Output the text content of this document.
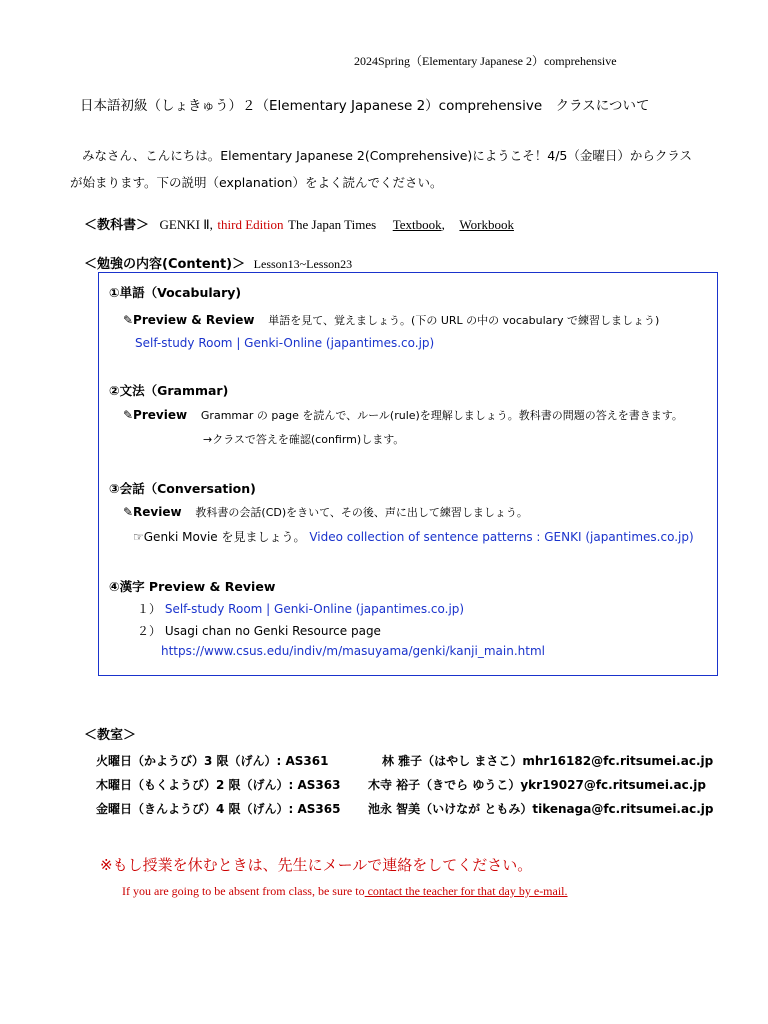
2024Spring（Elementary Japanese 2）comprehensive
日本語初級（しょきゅう）２（Elementary Japanese 2）comprehensive　クラスについて

みなさん、こんにちは。Elementary Japanese 2(Comprehensive)にようこそ！4/5（金曜日）からクラス

が始まります。下の説明（explanation）をよく読んでください。
＜教科書＞ GENKI Ⅱ, third Edition The Japan Times Textbook, Workbook
＜勉強の内容(Content)＞ Lesson13~Lesson23
①単語（Vocabulary)
✎Preview & Review 単語を見て、覚えましょう。(下の URL の中の vocabulary で練習しましょう)
Self-study Room | Genki-Online (japantimes.co.jp)
②文法（Grammar)
✎Preview Grammar の page を読んで、ルール(rule)を理解しましょう。教科書の問題の答えを書きます。
→クラスで答えを確認(confirm)します。
③会話（Conversation)
✎Review 教科書の会話(CD)をきいて、その後、声に出して練習しましょう。
☞Genki Movie を見ましょう。 Video collection of sentence patterns : GENKI (japantimes.co.jp)
④漢字 Preview & Review
１） Self-study Room | Genki-Online (japantimes.co.jp)
２） Usagi chan no Genki Resource page
https://www.csus.edu/indiv/m/masuyama/genki/kanji_main.html
＜教室＞
火曜日（かようび）3 限（げん）: AS361	林 雅子（はやし まさこ）mhr16182@fc.ritsumei.ac.jp
木曜日（もくようび）2 限（げん）: AS363 木寺 裕子（きでら ゆうこ）ykr19027@fc.ritsumei.ac.jp
金曜日（きんようび）4 限（げん）: AS365 池永 智美（いけなが ともみ）tikenaga@fc.ritsumei.ac.jp
※もし授業を休むときは、先生にメールで連絡をしてください。
If you are going to be absent from class, be sure to contact the teacher for that day by e-mail.
